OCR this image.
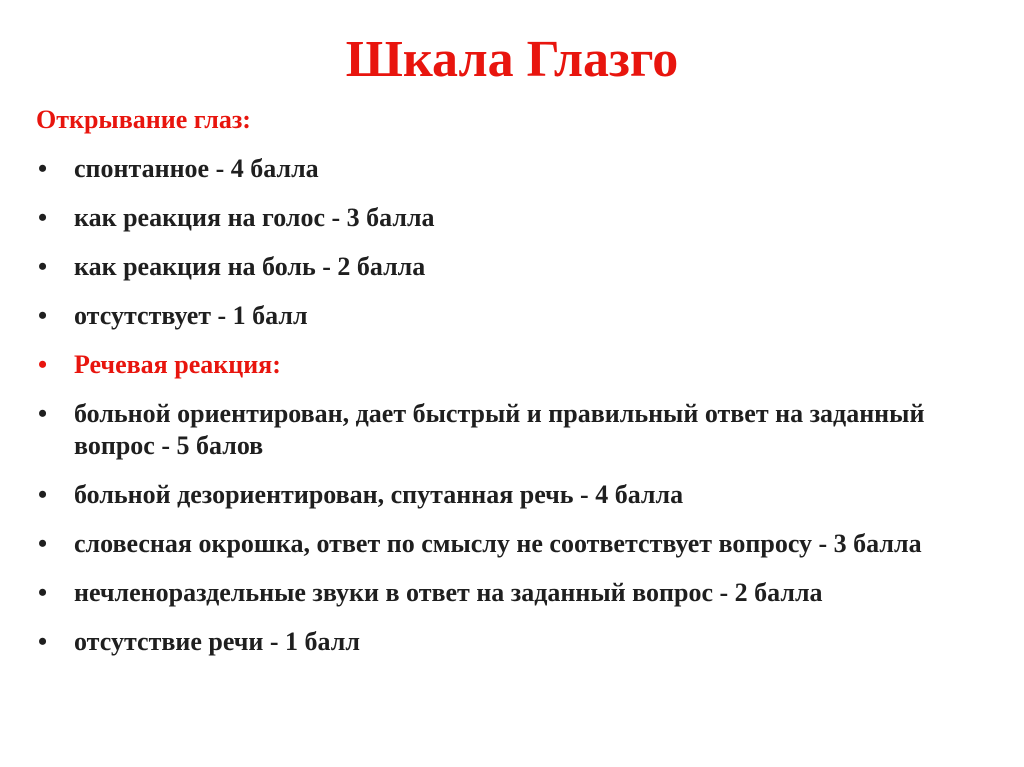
Шкала Глазго
Открывание глаз:
• спонтанное - 4 балла
• как реакция на голос - 3 балла
• как реакция на боль - 2 балла
• отсутствует - 1 балл
• Речевая реакция:
• больной ориентирован, дает быстрый и правильный ответ на заданный вопрос - 5 балов
• больной дезориентирован, спутанная речь - 4 балла
• словесная окрошка, ответ по смыслу не соответствует вопросу - 3 балла
• нечленораздельные звуки в ответ на заданный вопрос - 2 балла
• отсутствие речи - 1 балл
